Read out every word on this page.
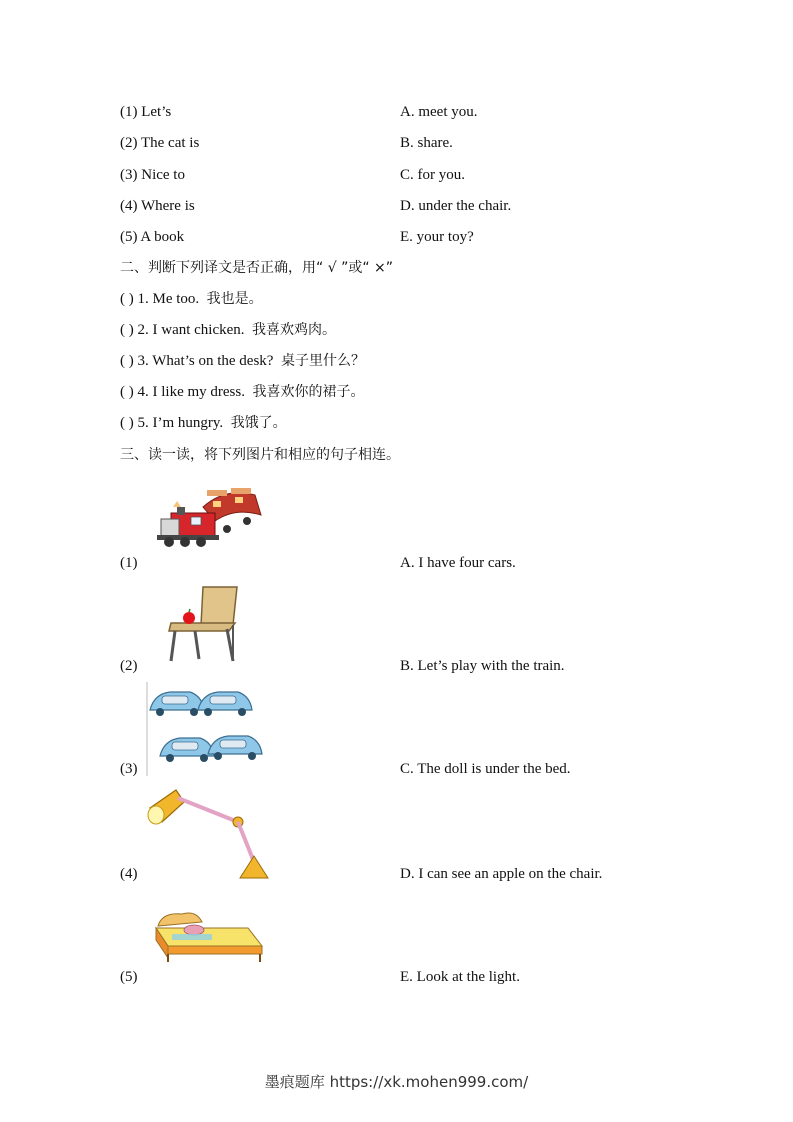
(1) Let’s	A. meet you.
(2) The cat is	B. share.
(3) Nice to	C. for you.
(4) Where is	D. under the chair.
(5) A book	E. your toy?
二、判断下列译文是否正确，用“ √ ”或“ ×”
( ) 1. Me too. 我也是。
( ) 2. I want chicken. 我喜欢鸡肉。
( ) 3. What’s on the desk? 桌子里什么？
( ) 4. I like my dress. 我喜欢你的裙子。
( ) 5. I’m hungry. 我饿了。
三、读一读，将下列图片和相应的句子相连。
(1)	A. I have four cars.
(2)	B. Let’s play with the train.
(3)	C. The doll is under the bed.
(4)	D. I can see an apple on the chair.
(5)	E. Look at the light.
墨痕题库 https://xk.mohen999.com/
